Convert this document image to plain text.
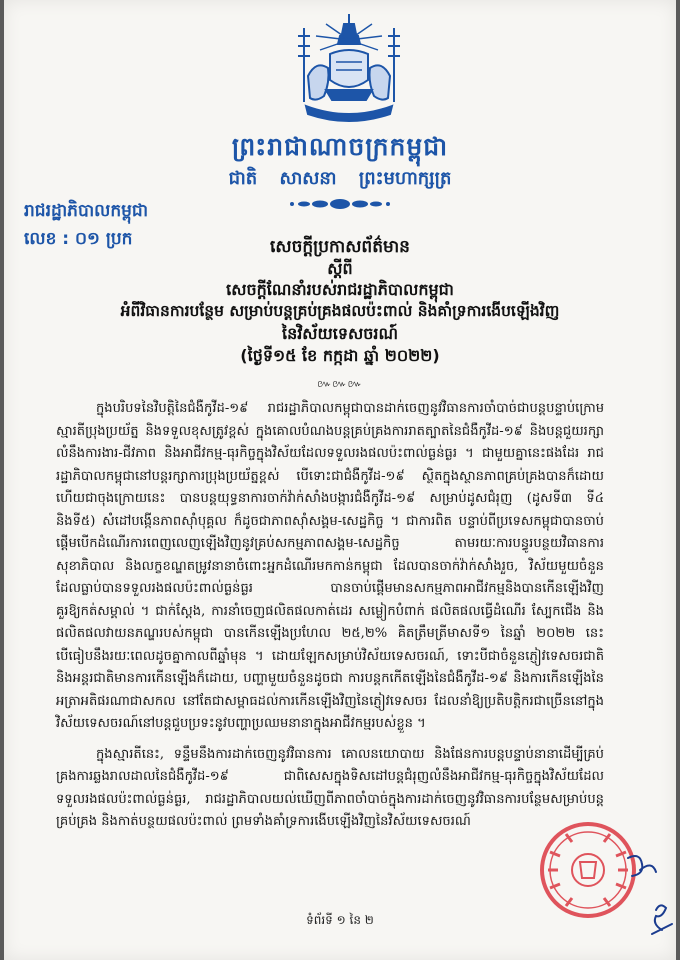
ព្រះរាជាណាចក្រកម្ពុជា
ជាតិ សាសនា ព្រះមហាក្សត្រ
រាជរដ្ឋាភិបាលកម្ពុជា
លេខ : ០១ ប្រក	សេចក្ដីប្រកាសព័ត៌មាន
ស្ដីពី
សេចក្ដីណែនាំរបស់រាជរដ្ឋាភិបាលកម្ពុជា
អំពីវិធានការបន្ថែម សម្រាប់បន្តគ្រប់គ្រងផលប៉ះពាល់ និងគាំទ្រការងើបឡើងវិញ
នៃវិស័យទេសចរណ៍
(ថ្ងៃទី១៥ ខែ កក្កដា ឆ្នាំ ២០២២)
៚៚៚

ក្នុងបរិបទនៃវិបត្តិនៃជំងឺកូវីដ-១៩ រាជរដ្ឋាភិបាលកម្ពុជាបានដាក់ចេញនូវវិធានការចាំបាច់ជាបន្តបន្ទាប់ក្រោមស្មារតីប្រុងប្រយ័ត្ន និងទទួលខុសត្រូវខ្ពស់ ក្នុងគោលបំណងបន្តគ្រប់គ្រងការរាតត្បាតនៃជំងឺកូវីដ-១៩ និងបន្តជួយរក្សាលំនឹងការងារ-ជីវភាព និងអាជីវកម្ម-ធុរកិច្ចក្នុងវិស័យដែលទទួលរងផលប៉ះពាល់ធ្ងន់ធ្ងរ ។ ជាមួយគ្នានេះផងដែរ រាជរដ្ឋាភិបាលកម្ពុជានៅបន្តរក្សាការប្រុងប្រយ័ត្នខ្ពស់ បើទោះជាជំងឺកូវីដ-១៩ ស្ថិតក្នុងស្ថានភាពគ្រប់គ្រងបានក៏ដោយ ហើយជាចុងក្រោយនេះ បានបន្តយុទ្ធនាការចាក់វ៉ាក់សាំងបង្ការជំងឺកូវីដ-១៩ សម្រាប់ដូសជំរុញ (ដូសទី៣ ទី៤ និងទី៥) សំដៅបង្កើនភាពស៊ាំបុគ្គល ក៏ដូចជាភាពស៊ាំសង្គម-សេដ្ឋកិច្ច ។ ជាការពិត បន្ទាប់ពីប្រទេសកម្ពុជាបានចាប់ផ្ដើមបើកដំណើរការពេញលេញឡើងវិញនូវគ្រប់សកម្មភាពសង្គម-សេដ្ឋកិច្ច តាមរយៈការបន្ធូរបន្ថយវិធានការសុខាភិបាល និងលក្ខខណ្ឌតម្រូវនានាចំពោះអ្នកដំណើរមកកាន់កម្ពុជា ដែលបានចាក់វ៉ាក់សាំងរួច, វិស័យមួយចំនួនដែលធ្លាប់បានទទួលរងផលប៉ះពាល់ធ្ងន់ធ្ងរ បានចាប់ផ្ដើមមានសកម្មភាពអាជីវកម្មនិងបានកើនឡើងវិញគួរឱ្យកត់សម្គាល់ ។ ជាក់ស្ដែង, ការនាំចេញផលិតផលកាត់ដេរ សម្លៀកបំពាក់ ផលិតផលធ្វើដំណើរ ស្បែកជើង និងផលិតផលវាយនភណ្ឌរបស់កម្ពុជា បានកើនឡើងប្រហែល ២៥,២% គិតត្រឹមត្រីមាសទី១ នៃឆ្នាំ ២០២២ នេះ បើធៀបនឹងរយៈពេលដូចគ្នាកាលពីឆ្នាំមុន ។ ដោយឡែកសម្រាប់វិស័យទេសចរណ៍, ទោះបីជាចំនួនភ្ញៀវទេសចរជាតិនិងអន្តរជាតិមានការកើនឡើងក៏ដោយ, បញ្ហាមួយចំនួនដូចជា ការបន្តកកើតឡើងនៃជំងឺកូវីដ-១៩ និងការកើនឡើងនៃអត្រាអតិផរណាជាសកល នៅតែជាសម្ពាធដល់ការកើនឡើងវិញនៃភ្ញៀវទេសចរ ដែលនាំឱ្យប្រតិបត្តិករជាច្រើននៅក្នុងវិស័យទេសចរណ៍នៅបន្តជួបប្រទះនូវបញ្ហាប្រឈមនានាក្នុងអាជីវកម្មរបស់ខ្លួន ។

ក្នុងស្មារតីនេះ, ទន្ទឹមនឹងការដាក់ចេញនូវវិធានការ គោលនយោបាយ និងផែនការបន្ដបន្ទាប់នានាដើម្បីគ្រប់គ្រងការឆ្លងរាលដាលនៃជំងឺកូវីដ-១៩ ជាពិសេសក្នុងទិសដៅបន្តជំរុញលំនឹងអាជីវកម្ម-ធុរកិច្ចក្នុងវិស័យដែលទទួលរងផលប៉ះពាល់ធ្ងន់ធ្ងរ, រាជរដ្ឋាភិបាលយល់ឃើញពីភាពចាំបាច់ក្នុងការដាក់ចេញនូវវិធានការបន្ថែមសម្រាប់បន្តគ្រប់គ្រង និងកាត់បន្ថយផលប៉ះពាល់ ព្រមទាំងគាំទ្រការងើបឡើងវិញនៃវិស័យទេសចរណ៍

ទំព័រទី ១ នៃ ២
